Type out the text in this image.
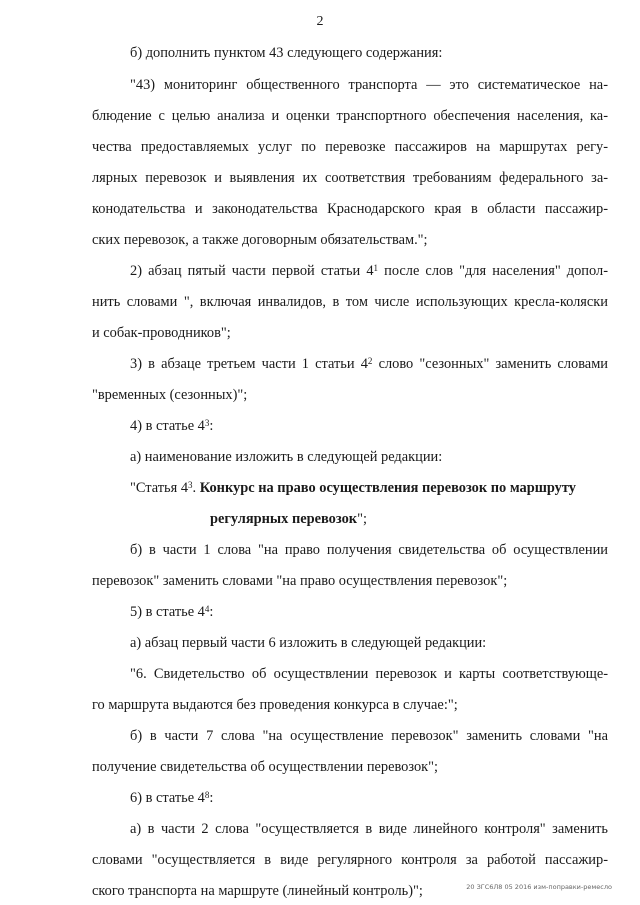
2
б) дополнить пунктом 43 следующего содержания:
"43) мониторинг общественного транспорта — это систематическое на-
блюдение с целью анализа и оценки транспортного обеспечения населения, ка-
чества предоставляемых услуг по перевозке пассажиров на маршрутах регу-
лярных перевозок и выявления их соответствия требованиям федерального за-
конодательства и законодательства Краснодарского края в области пассажир-
ских перевозок, а также договорным обязательствам.";
2) абзац пятый части первой статьи $4^1$ после слов "для населения" допол-
нить словами ", включая инвалидов, в том числе использующих кресла-коляски
и собак-проводников";
3) в абзаце третьем части 1 статьи $4^2$ слово "сезонных" заменить словами
"временных (сезонных)";
4) в статье $4^3$:
а) наименование изложить в следующей редакции:
"Статья $4^3$. Конкурс на право осуществления перевозок по маршруту
регулярных перевозок";
б) в части 1 слова "на право получения свидетельства об осуществлении
перевозок" заменить словами "на право осуществления перевозок";
5) в статье $4^4$:
а) абзац первый части 6 изложить в следующей редакции:
"6. Свидетельство об осуществлении перевозок и карты соответствующе-
го маршрута выдаются без проведения конкурса в случае:";
б) в части 7 слова "на осуществление перевозок" заменить словами "на
получение свидетельства об осуществлении перевозок";
6) в статье $4^8$:
а) в части 2 слова "осуществляется в виде линейного контроля" заменить
словами "осуществляется в виде регулярного контроля за работой пассажир-
ского транспорта на маршруте (линейный контроль)";	20 ЗГС6Л8 05 2016 изм-поправки-ремесло
